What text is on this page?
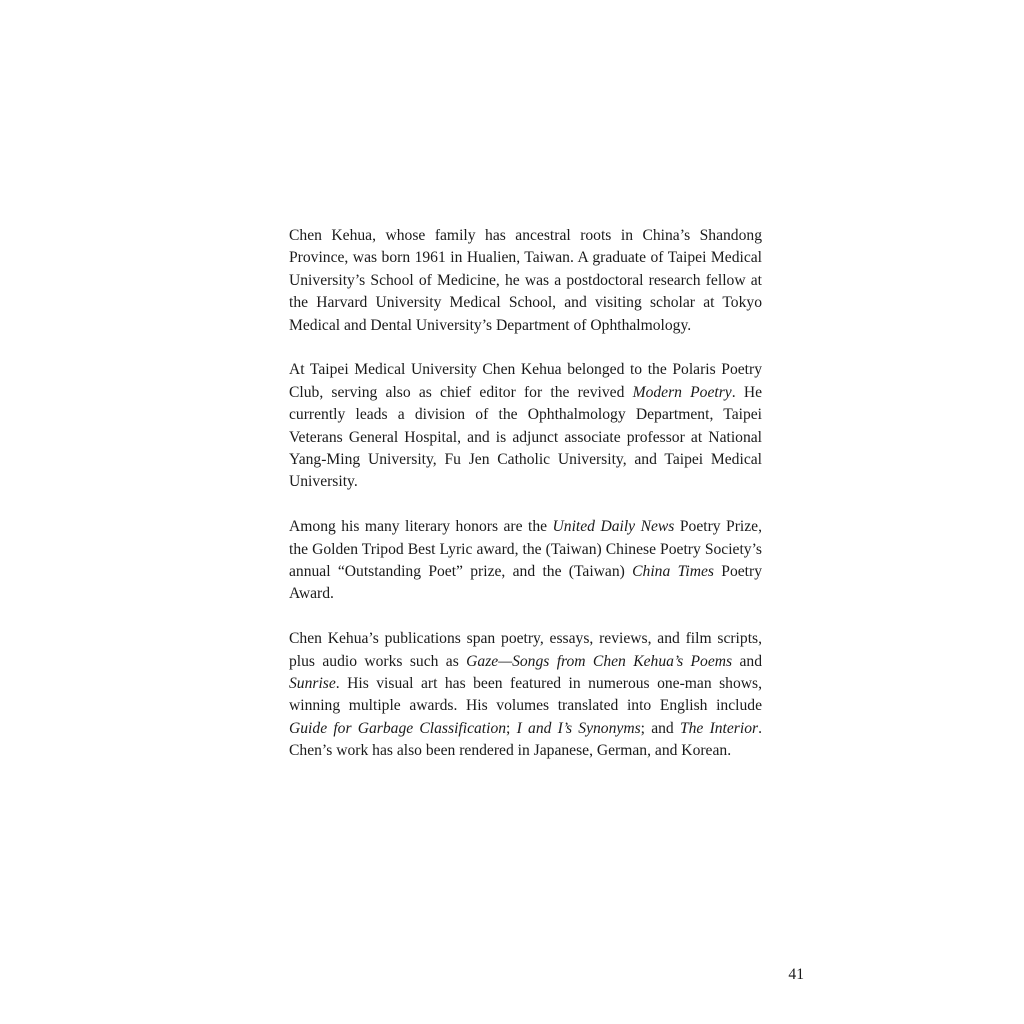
Chen Kehua, whose family has ancestral roots in China’s Shandong Province, was born 1961 in Hualien, Taiwan. A graduate of Taipei Medical University’s School of Medicine, he was a postdoctoral research fellow at the Harvard University Medical School, and visiting scholar at Tokyo Medical and Dental University’s Department of Ophthalmology.

At Taipei Medical University Chen Kehua belonged to the Polaris Poetry Club, serving also as chief editor for the revived Modern Poetry. He currently leads a division of the Ophthalmology Department, Taipei Veterans General Hospital, and is adjunct associate professor at National Yang-Ming University, Fu Jen Catholic University, and Taipei Medical University.

Among his many literary honors are the United Daily News Poetry Prize, the Golden Tripod Best Lyric award, the (Taiwan) Chinese Poetry Society’s annual “Outstanding Poet” prize, and the (Taiwan) China Times Poetry Award.

Chen Kehua’s publications span poetry, essays, reviews, and film scripts, plus audio works such as Gaze—Songs from Chen Kehua’s Poems and Sunrise. His visual art has been featured in numerous one-man shows, winning multiple awards. His volumes translated into English include Guide for Garbage Classification; I and I’s Synonyms; and The Interior. Chen’s work has also been rendered in Japanese, German, and Korean.

41
